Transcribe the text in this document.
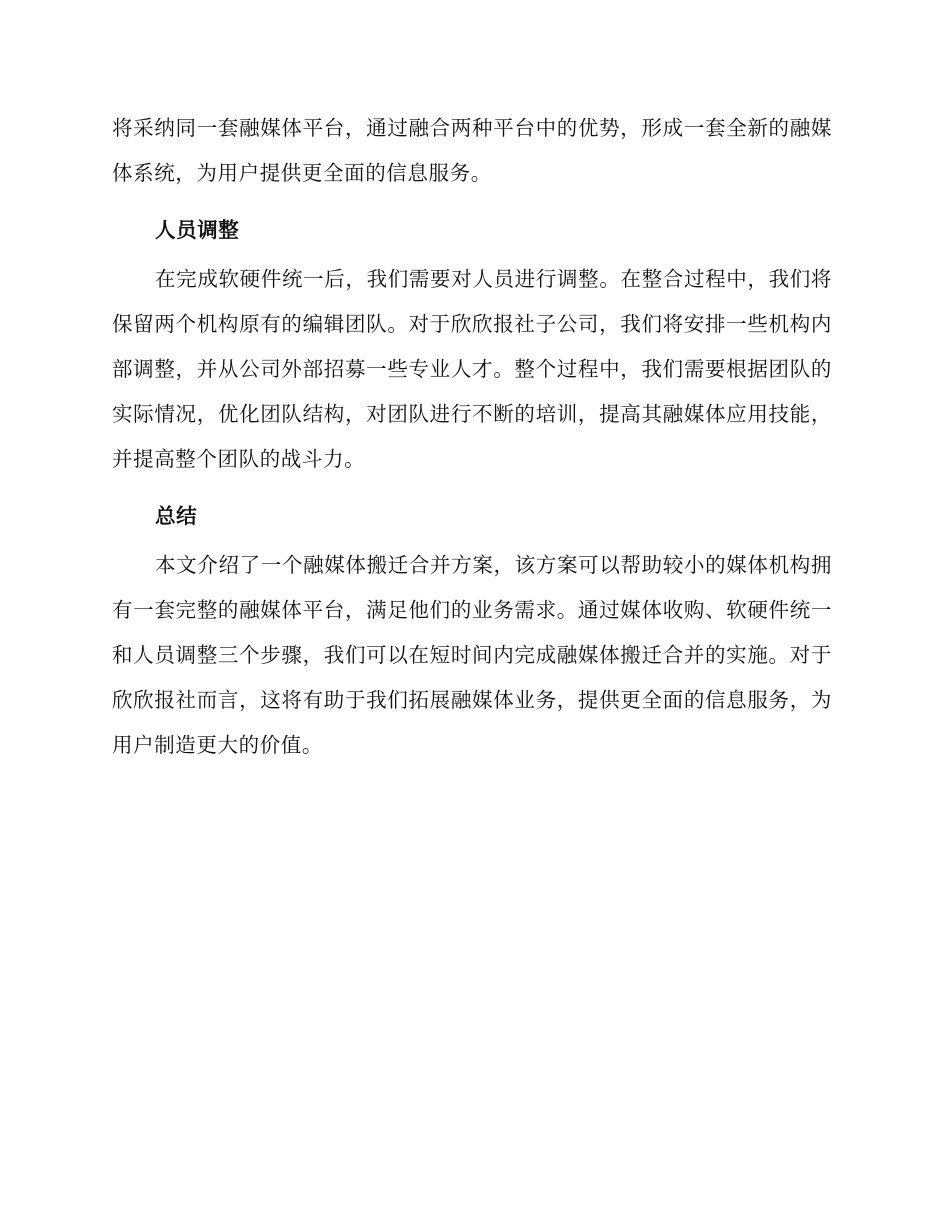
将采纳同一套融媒体平台，通过融合两种平台中的优势，形成一套全新的融媒体系统，为用户提供更全面的信息服务。

人员调整

在完成软硬件统一后，我们需要对人员进行调整。在整合过程中，我们将保留两个机构原有的编辑团队。对于欣欣报社子公司，我们将安排一些机构内部调整，并从公司外部招募一些专业人才。整个过程中，我们需要根据团队的实际情况，优化团队结构，对团队进行不断的培训，提高其融媒体应用技能，并提高整个团队的战斗力。

总结

本文介绍了一个融媒体搬迁合并方案，该方案可以帮助较小的媒体机构拥有一套完整的融媒体平台，满足他们的业务需求。通过媒体收购、软硬件统一和人员调整三个步骤，我们可以在短时间内完成融媒体搬迁合并的实施。对于欣欣报社而言，这将有助于我们拓展融媒体业务，提供更全面的信息服务，为用户制造更大的价值。
